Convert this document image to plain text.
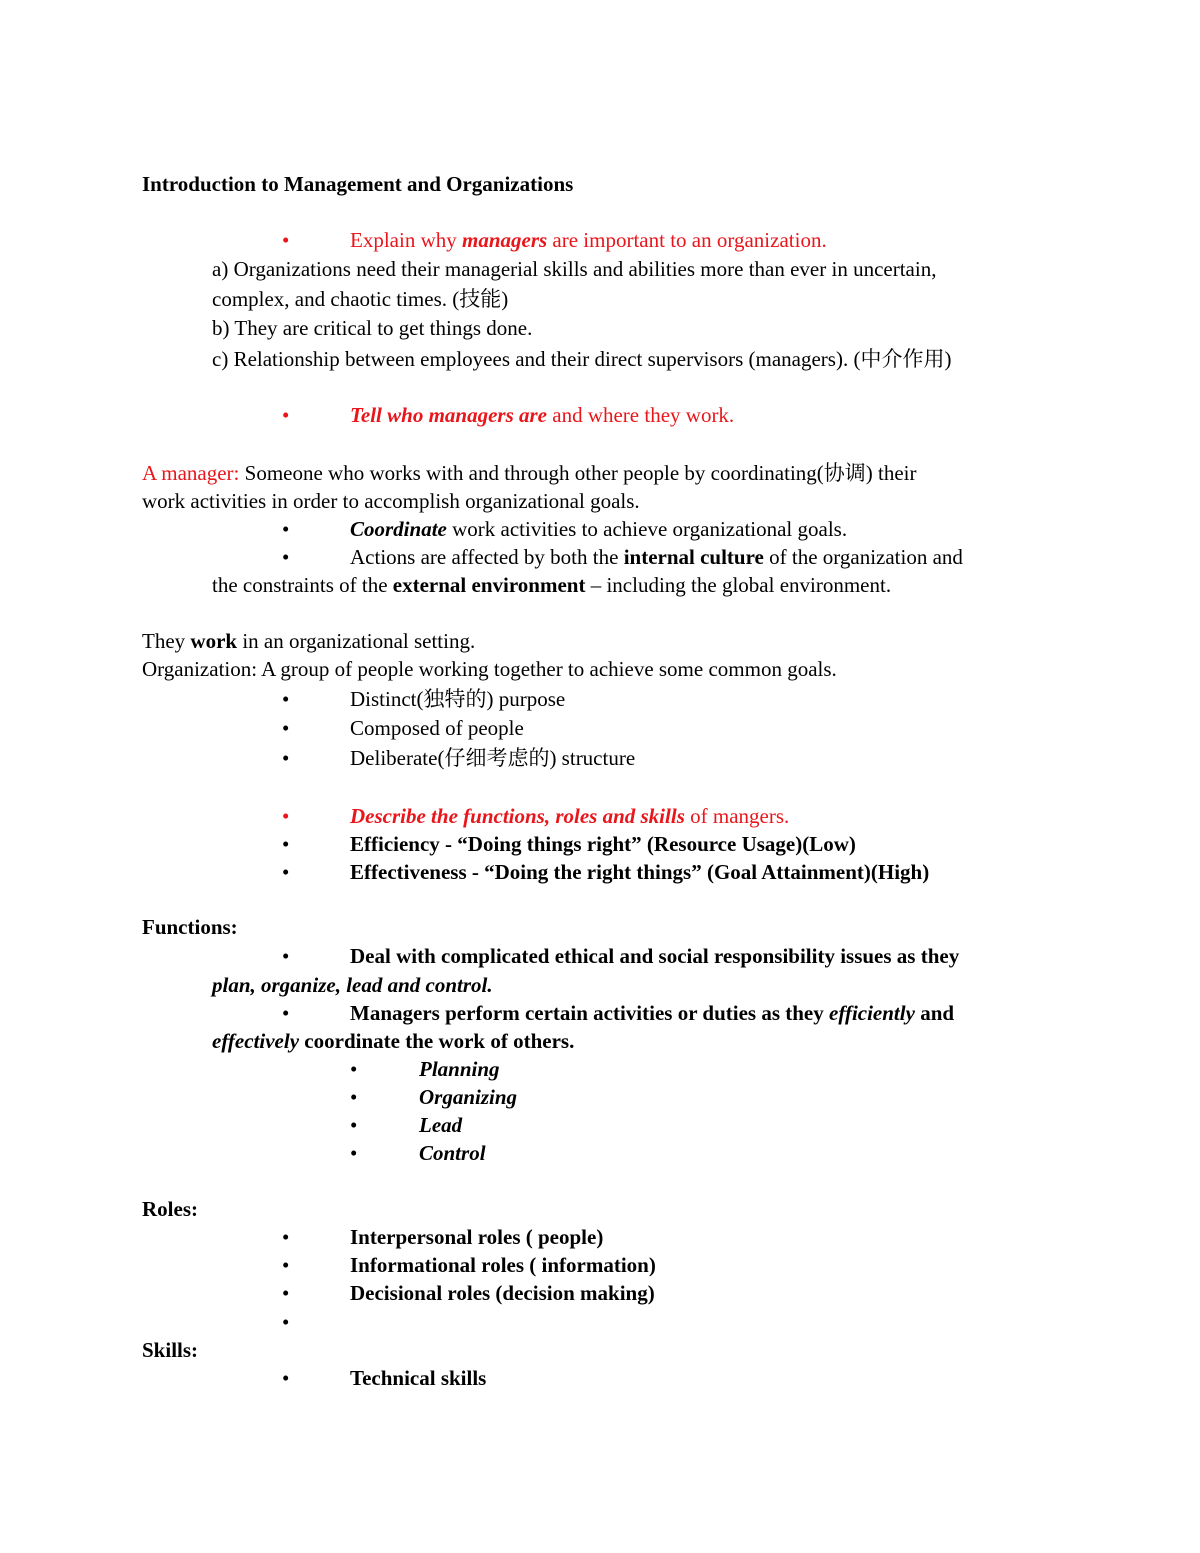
Introduction to Management and Organizations
•	Explain why managers are important to an organization.
a) Organizations need their managerial skills and abilities more than ever in uncertain,
complex, and chaotic times. (技能)
b) They are critical to get things done.
c) Relationship between employees and their direct supervisors (managers). (中介作用)
•	Tell who managers are and where they work.
A manager: Someone who works with and through other people by coordinating(协调) their
work activities in order to accomplish organizational goals.
•	Coordinate work activities to achieve organizational goals.
•	Actions are affected by both the internal culture of the organization and
the constraints of the external environment – including the global environment.
They work in an organizational setting.
Organization: A group of people working together to achieve some common goals.
•	Distinct(独特的) purpose
•	Composed of people
•	Deliberate(仔细考虑的) structure
•	Describe the functions, roles and skills of mangers.
•	Efficiency - “Doing things right” (Resource Usage)(Low)
•	Effectiveness - “Doing the right things” (Goal Attainment)(High)
Functions:
•	Deal with complicated ethical and social responsibility issues as they
plan, organize, lead and control.
•	Managers perform certain activities or duties as they efficiently and
effectively coordinate the work of others.
•	Planning
•	Organizing
•	Lead
•	Control
Roles:
•	Interpersonal roles ( people)
•	Informational roles ( information)
•	Decisional roles (decision making)
•
Skills:
•	Technical skills
